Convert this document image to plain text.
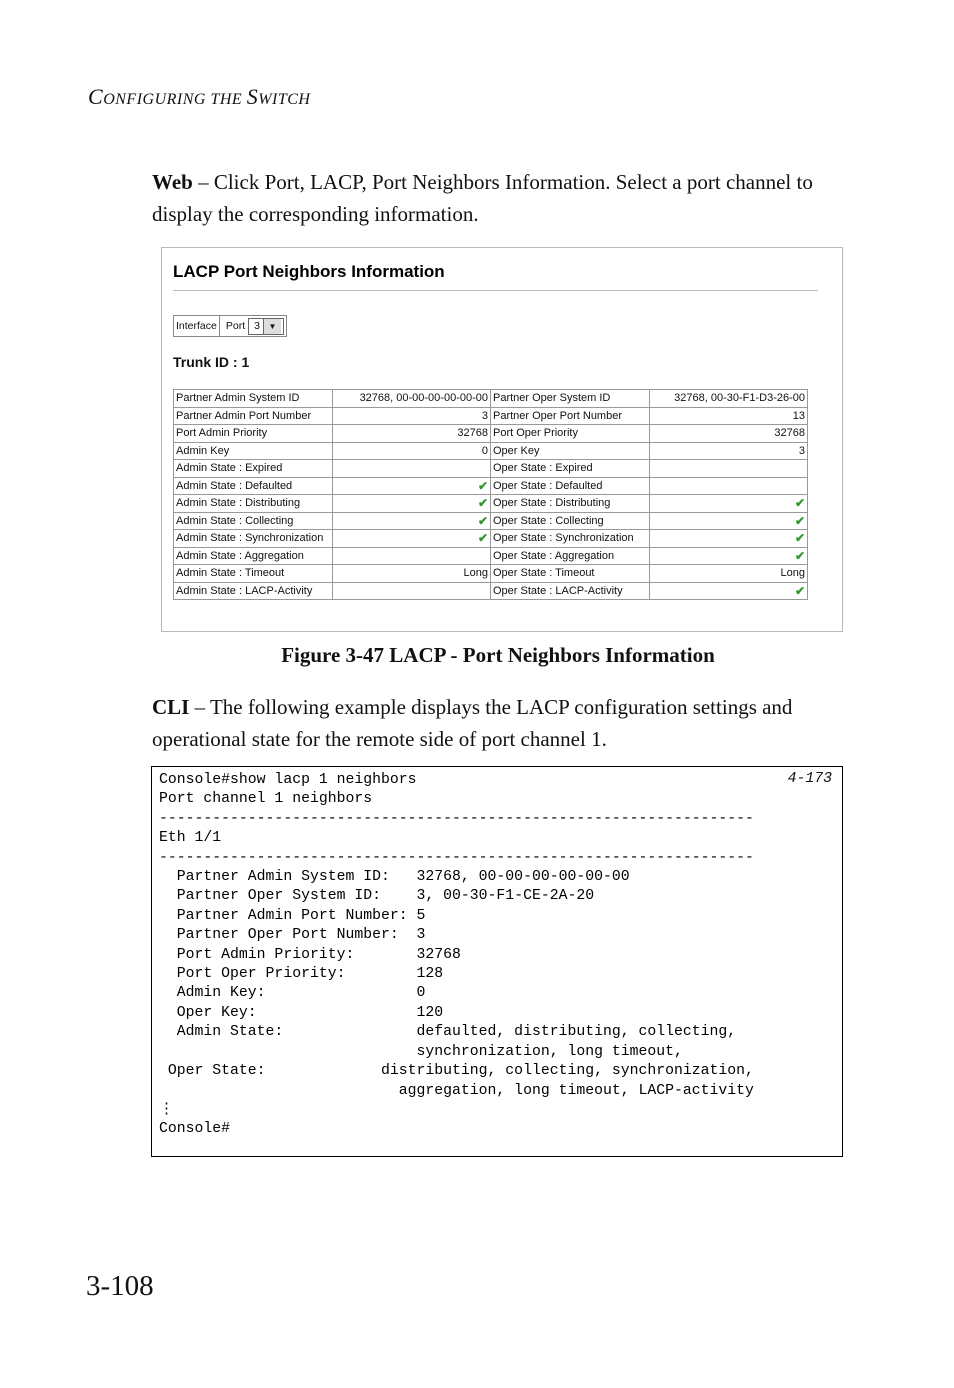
CONFIGURING THE SWITCH
Web – Click Port, LACP, Port Neighbors Information. Select a port channel to display the corresponding information.
LACP Port Neighbors Information
Interface Port 3	▼
Trunk ID : 1
Partner Admin System ID	32768, 00-00-00-00-00-00	Partner Oper System ID	32768, 00-30-F1-D3-26-00
Partner Admin Port Number	3	Partner Oper Port Number	13
Port Admin Priority	32768	Port Oper Priority	32768
Admin Key	0	Oper Key	3
Admin State : Expired		Oper State : Expired	
Admin State : Defaulted	✔	Oper State : Defaulted	
Admin State : Distributing	✔	Oper State : Distributing	✔
Admin State : Collecting	✔	Oper State : Collecting	✔
Admin State : Synchronization	✔	Oper State : Synchronization	✔
Admin State : Aggregation		Oper State : Aggregation	✔
Admin State : Timeout	Long	Oper State : Timeout	Long
Admin State : LACP-Activity		Oper State : LACP-Activity	✔
Figure 3-47 LACP - Port Neighbors Information
CLI – The following example displays the LACP configuration settings and operational state for the remote side of port channel 1.
4-173
Console#show lacp 1 neighbors
Port channel 1 neighbors
-------------------------------------------------------------------
Eth 1/1
-------------------------------------------------------------------
Partner Admin System ID:   32768, 00-00-00-00-00-00
Partner Oper System ID:    3, 00-30-F1-CE-2A-20
Partner Admin Port Number: 5
Partner Oper Port Number:  3
Port Admin Priority:       32768
Port Oper Priority:        128
Admin Key:                 0
Oper Key:                  120
Admin State:               defaulted, distributing, collecting,
synchronization, long timeout,
Oper State:             distributing, collecting, synchronization,
aggregation, long timeout, LACP-activity
⋮
Console#
3-108
